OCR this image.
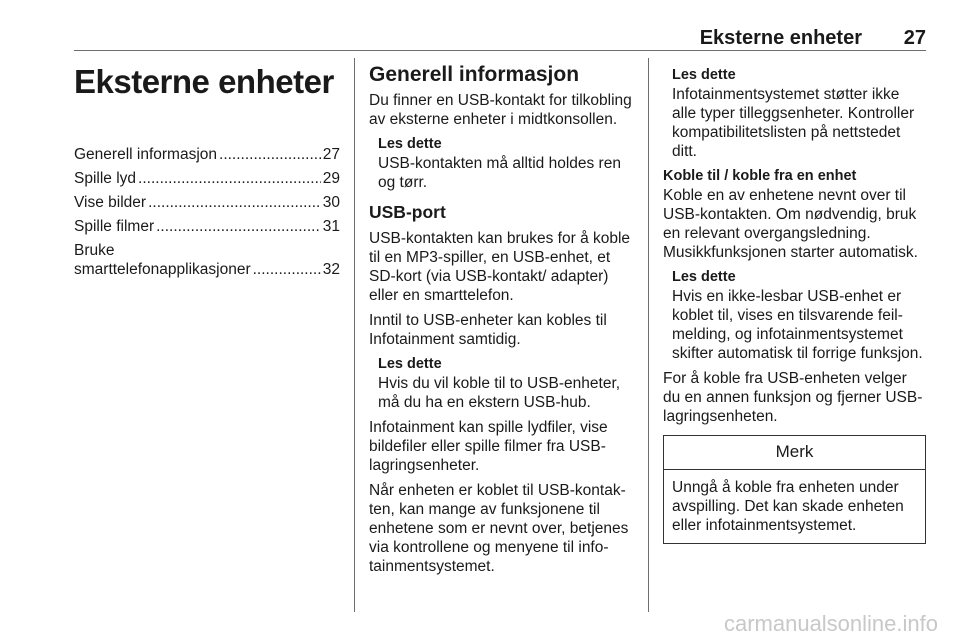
Eksterne enheter 27
Eksterne enheter
Generell informasjon .....	27
Spille lyd .....	29
Vise bilder .....	30
Spille filmer .....	31
Bruke
smarttelefonapplikasjoner .....	32
Generell informasjon

Du finner en USB-kontakt for tilkobling av eksterne enheter i midtkonsollen.

Les dette
USB-kontakten må alltid holdes ren og tørr.
USB-port

USB-kontakten kan brukes for å koble til en MP3-spiller, en USB-enhet, et SD-kort (via USB-kontakt/ adapter) eller en smarttelefon.

Inntil to USB-enheter kan kobles til Infotainment samtidig.

Les dette
Hvis du vil koble til to USB-enheter, må du ha en ekstern USB-hub.

Infotainment kan spille lydfiler, vise bildefiler eller spille filmer fra USB-lagringsenheter.

Når enheten er koblet til USB-kontakten, kan mange av funksjonene til enhetene som er nevnt over, betjenes via kontrollene og menyene til infotainmentsystemet.

Les dette
Infotainmentsystemet støtter ikke alle typer tilleggsenheter. Kontroller kompatibilitetslisten på nettstedet ditt.
Koble til / koble fra en enhet

Koble en av enhetene nevnt over til USB-kontakten. Om nødvendig, bruk en relevant overgangsledning. Musikkfunksjonen starter automatisk.

Les dette
Hvis en ikke-lesbar USB-enhet er koblet til, vises en tilsvarende feilmelding, og infotainmentsystemet skifter automatisk til forrige funksjon.

For å koble fra USB-enheten velger du en annen funksjon og fjerner USB-lagringsenheten.

Merk
Unngå å koble fra enheten under avspilling. Det kan skade enheten eller infotainmentsystemet.
carmanualsonline.info
